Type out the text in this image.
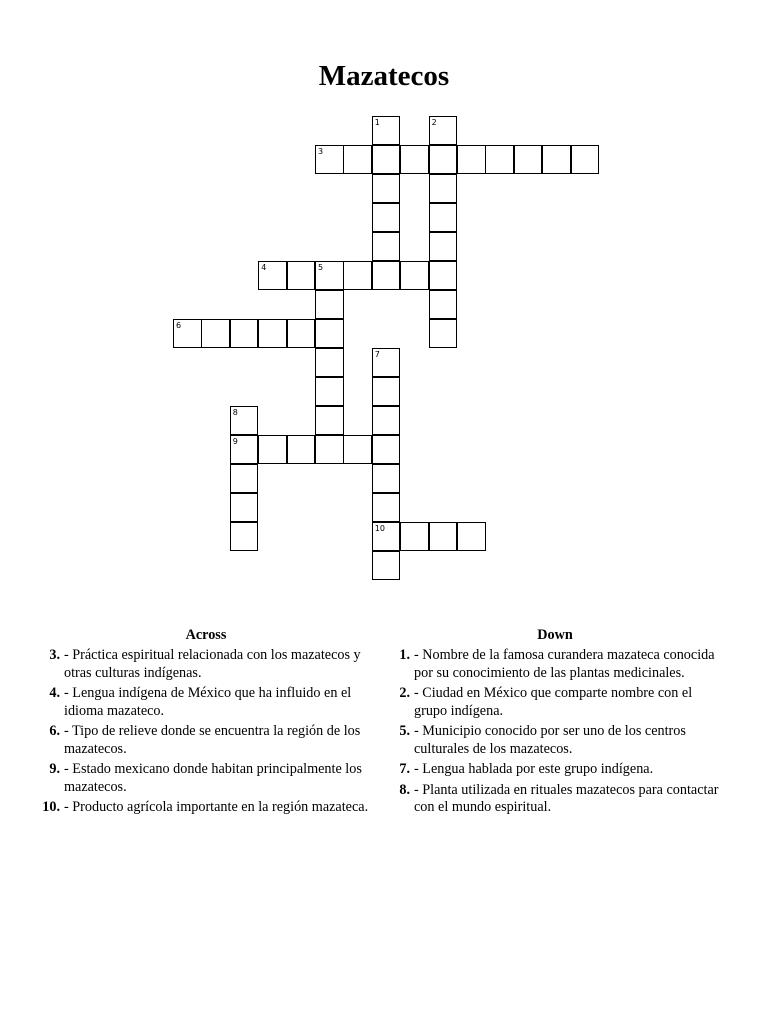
Mazatecos
1	2
3
4	5
6
7
8
9
10
Across
3. - Práctica espiritual relacionada con los mazatecos y otras culturas indígenas.
4. - Lengua indígena de México que ha influido en el idioma mazateco.
6. - Tipo de relieve donde se encuentra la región de los mazatecos.
9. - Estado mexicano donde habitan principalmente los mazatecos.
10. - Producto agrícola importante en la región mazateca.
Down
1. - Nombre de la famosa curandera mazateca conocida por su conocimiento de las plantas medicinales.
2. - Ciudad en México que comparte nombre con el grupo indígena.
5. - Municipio conocido por ser uno de los centros culturales de los mazatecos.
7. - Lengua hablada por este grupo indígena.
8. - Planta utilizada en rituales mazatecos para contactar con el mundo espiritual.
